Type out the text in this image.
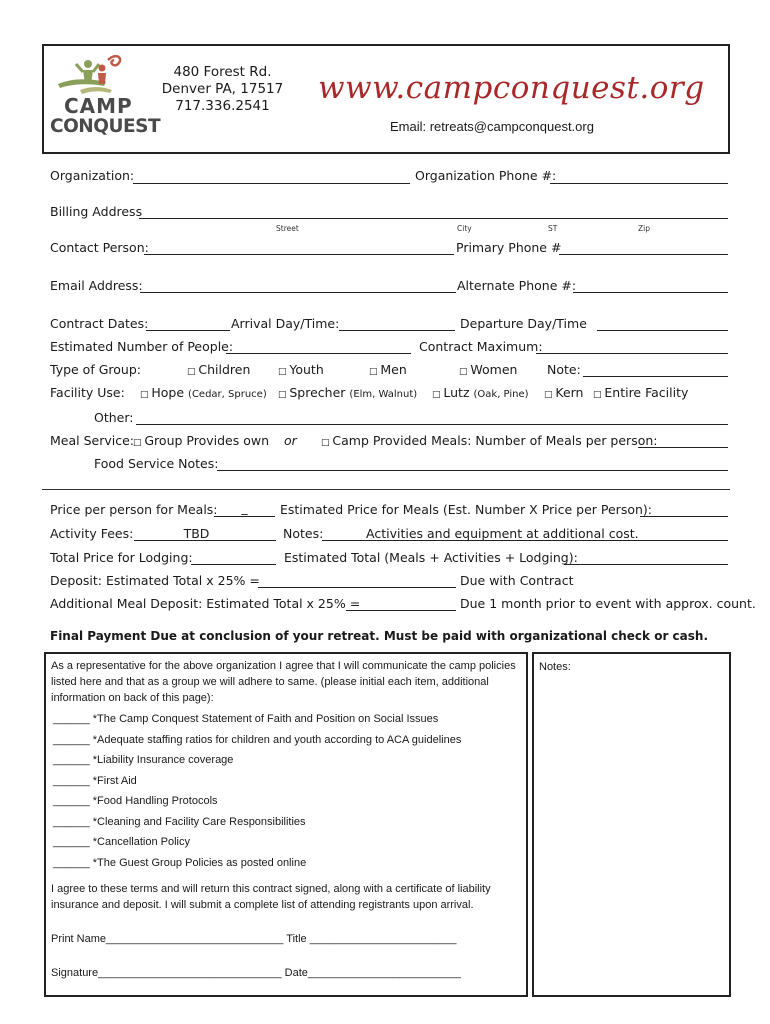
CAMP
CONQUEST
480 Forest Rd.
Denver PA, 17517
717.336.2541	www.campconquest.org
Email: retreats@campconquest.org
Organization:	Organization Phone #:
Billing Address
Street	City	ST	Zip
Contact Person:	Primary Phone #
Email Address:	Alternate Phone #:
Contract Dates:	Arrival Day/Time:	Departure Day/Time
Estimated Number of People:	Contract Maximum:
Type of Group:	□ Children	□ Youth	□ Men	□ Women Note:
Facility Use: □ Hope (Cedar, Spruce) □ Sprecher (Elm, Walnut) □ Lutz (Oak, Pine) □ Kern □ Entire Facility
Other:
Meal Service: □ Group Provides own or	□ Camp Provided Meals: Number of Meals per person:
Food Service Notes:
Price per person for Meals:	_	Estimated Price for Meals (Est. Number X Price per Person):
Activity Fees:	TBD	Notes:	Activities and equipment at additional cost.
Total Price for Lodging:	Estimated Total (Meals + Activities + Lodging):
Deposit: Estimated Total x 25% =	Due with Contract
Additional Meal Deposit: Estimated Total x 25% =	Due 1 month prior to event with approx. count.
Final Payment Due at conclusion of your retreat. Must be paid with organizational check or cash.
As a representative for the above organization I agree that I will communicate the camp policies listed here and that as a group we will adhere to same. (please initial each item, additional information on back of this page):
______ *The Camp Conquest Statement of Faith and Position on Social Issues
______ *Adequate staffing ratios for children and youth according to ACA guidelines
______ *Liability Insurance coverage
______ *First Aid
______ *Food Handling Protocols
______ *Cleaning and Facility Care Responsibilities
______ *Cancellation Policy
______ *The Guest Group Policies as posted online
I agree to these terms and will return this contract signed, along with a certificate of liability insurance and deposit. I will submit a complete list of attending registrants upon arrival.
Print Name_____________________________ Title ________________________
Signature______________________________ Date_________________________
Notes:
